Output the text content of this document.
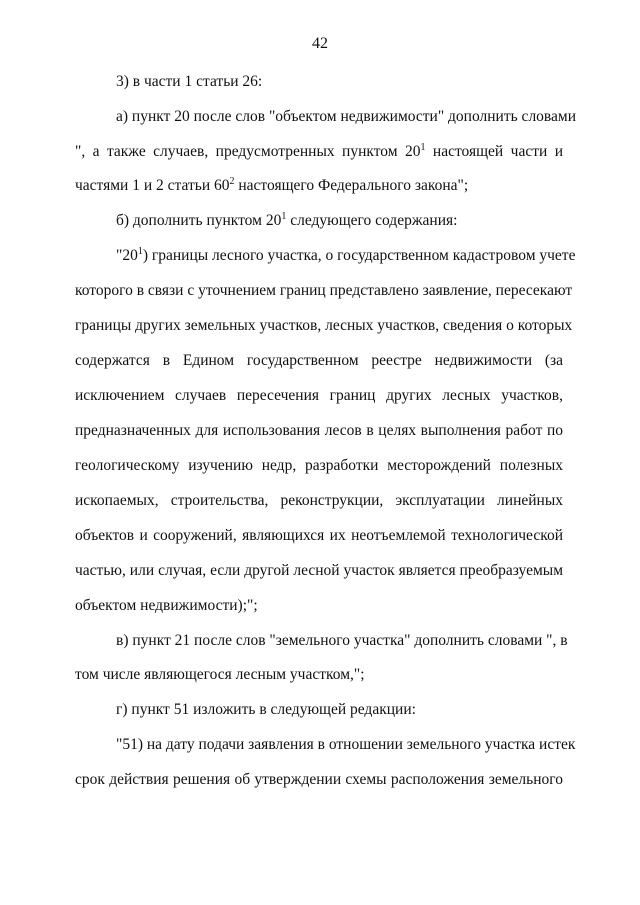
42
3) в части 1 статьи 26:
а) пункт 20 после слов "объектом недвижимости" дополнить словами
", а также случаев, предусмотренных пунктом $20^1$ настоящей части и
частями 1 и 2 статьи $60^2$ настоящего Федерального закона";
б) дополнить пунктом $20^1$ следующего содержания:
"$20^1$) границы лесного участка, о государственном кадастровом учете
которого в связи с уточнением границ представлено заявление, пересекают
границы других земельных участков, лесных участков, сведения о которых
содержатся в Едином государственном реестре недвижимости (за
исключением случаев пересечения границ других лесных участков,
предназначенных для использования лесов в целях выполнения работ по
геологическому изучению недр, разработки месторождений полезных
ископаемых, строительства, реконструкции, эксплуатации линейных
объектов и сооружений, являющихся их неотъемлемой технологической
частью, или случая, если другой лесной участок является преобразуемым
объектом недвижимости);";
в) пункт 21 после слов "земельного участка" дополнить словами ", в
том числе являющегося лесным участком,";
г) пункт 51 изложить в следующей редакции:
"51) на дату подачи заявления в отношении земельного участка истек
срок действия решения об утверждении схемы расположения земельного
